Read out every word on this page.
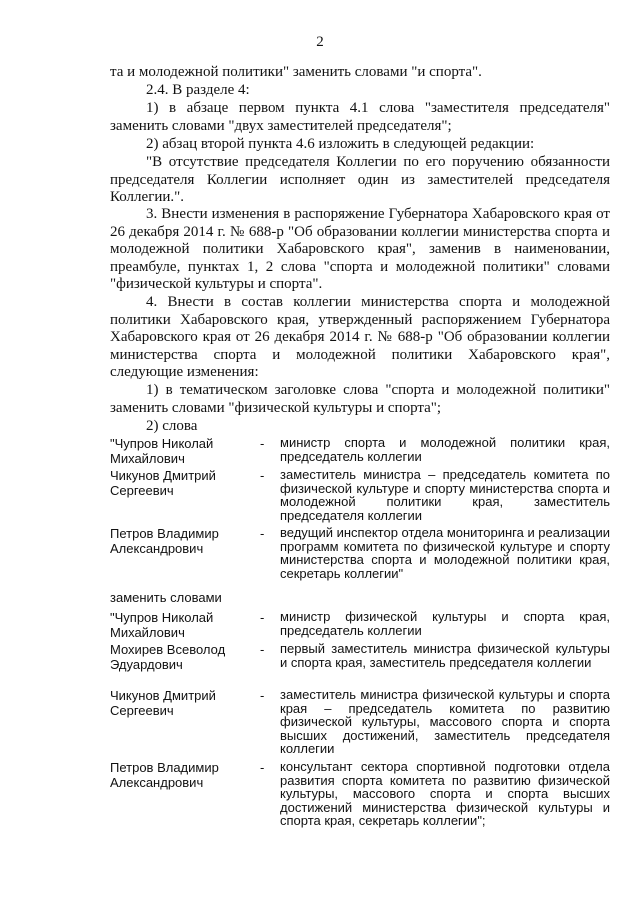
2
та и молодежной политики" заменить словами "и спорта".
2.4. В разделе 4:
1) в абзаце первом пункта 4.1 слова "заместителя председателя" заменить словами "двух заместителей председателя";
2) абзац второй пункта 4.6 изложить в следующей редакции:
"В отсутствие председателя Коллегии по его поручению обязанности председателя Коллегии исполняет один из заместителей председателя Коллегии.".
3. Внести изменения в распоряжение Губернатора Хабаровского края от 26 декабря 2014 г. № 688-р "Об образовании коллегии министерства спорта и молодежной политики Хабаровского края", заменив в наименовании, преамбуле, пунктах 1, 2 слова "спорта и молодежной политики" словами "физической культуры и спорта".
4. Внести в состав коллегии министерства спорта и молодежной политики Хабаровского края, утвержденный распоряжением Губернатора Хабаровского края от 26 декабря 2014 г. № 688-р "Об образовании коллегии министерства спорта и молодежной политики Хабаровского края", следующие изменения:
1) в тематическом заголовке слова "спорта и молодежной политики" заменить словами "физической культуры и спорта";
2) слова
"Чупров Николай Михайлович
- министр спорта и молодежной политики края, председатель коллегии
Чикунов Дмитрий Сергеевич
- заместитель министра – председатель комитета по физической культуре и спорту министерства спорта и молодежной политики края, заместитель председателя коллегии
Петров Владимир Александрович
- ведущий инспектор отдела мониторинга и реализации программ комитета по физической культуре и спорту министерства спорта и молодежной политики края, секретарь коллегии"
заменить словами
"Чупров Николай Михайлович
- министр физической культуры и спорта края, председатель коллегии
Мохирев Всеволод Эдуардович
- первый заместитель министра физической культуры и спорта края, заместитель председателя коллегии
Чикунов Дмитрий Сергеевич
- заместитель министра физической культуры и спорта края – председатель комитета по развитию физической культуры, массового спорта и спорта высших достижений, заместитель председателя коллегии
Петров Владимир Александрович
- консультант сектора спортивной подготовки отдела развития спорта комитета по развитию физической культуры, массового спорта и спорта высших достижений министерства физической культуры и спорта края, секретарь коллегии";
